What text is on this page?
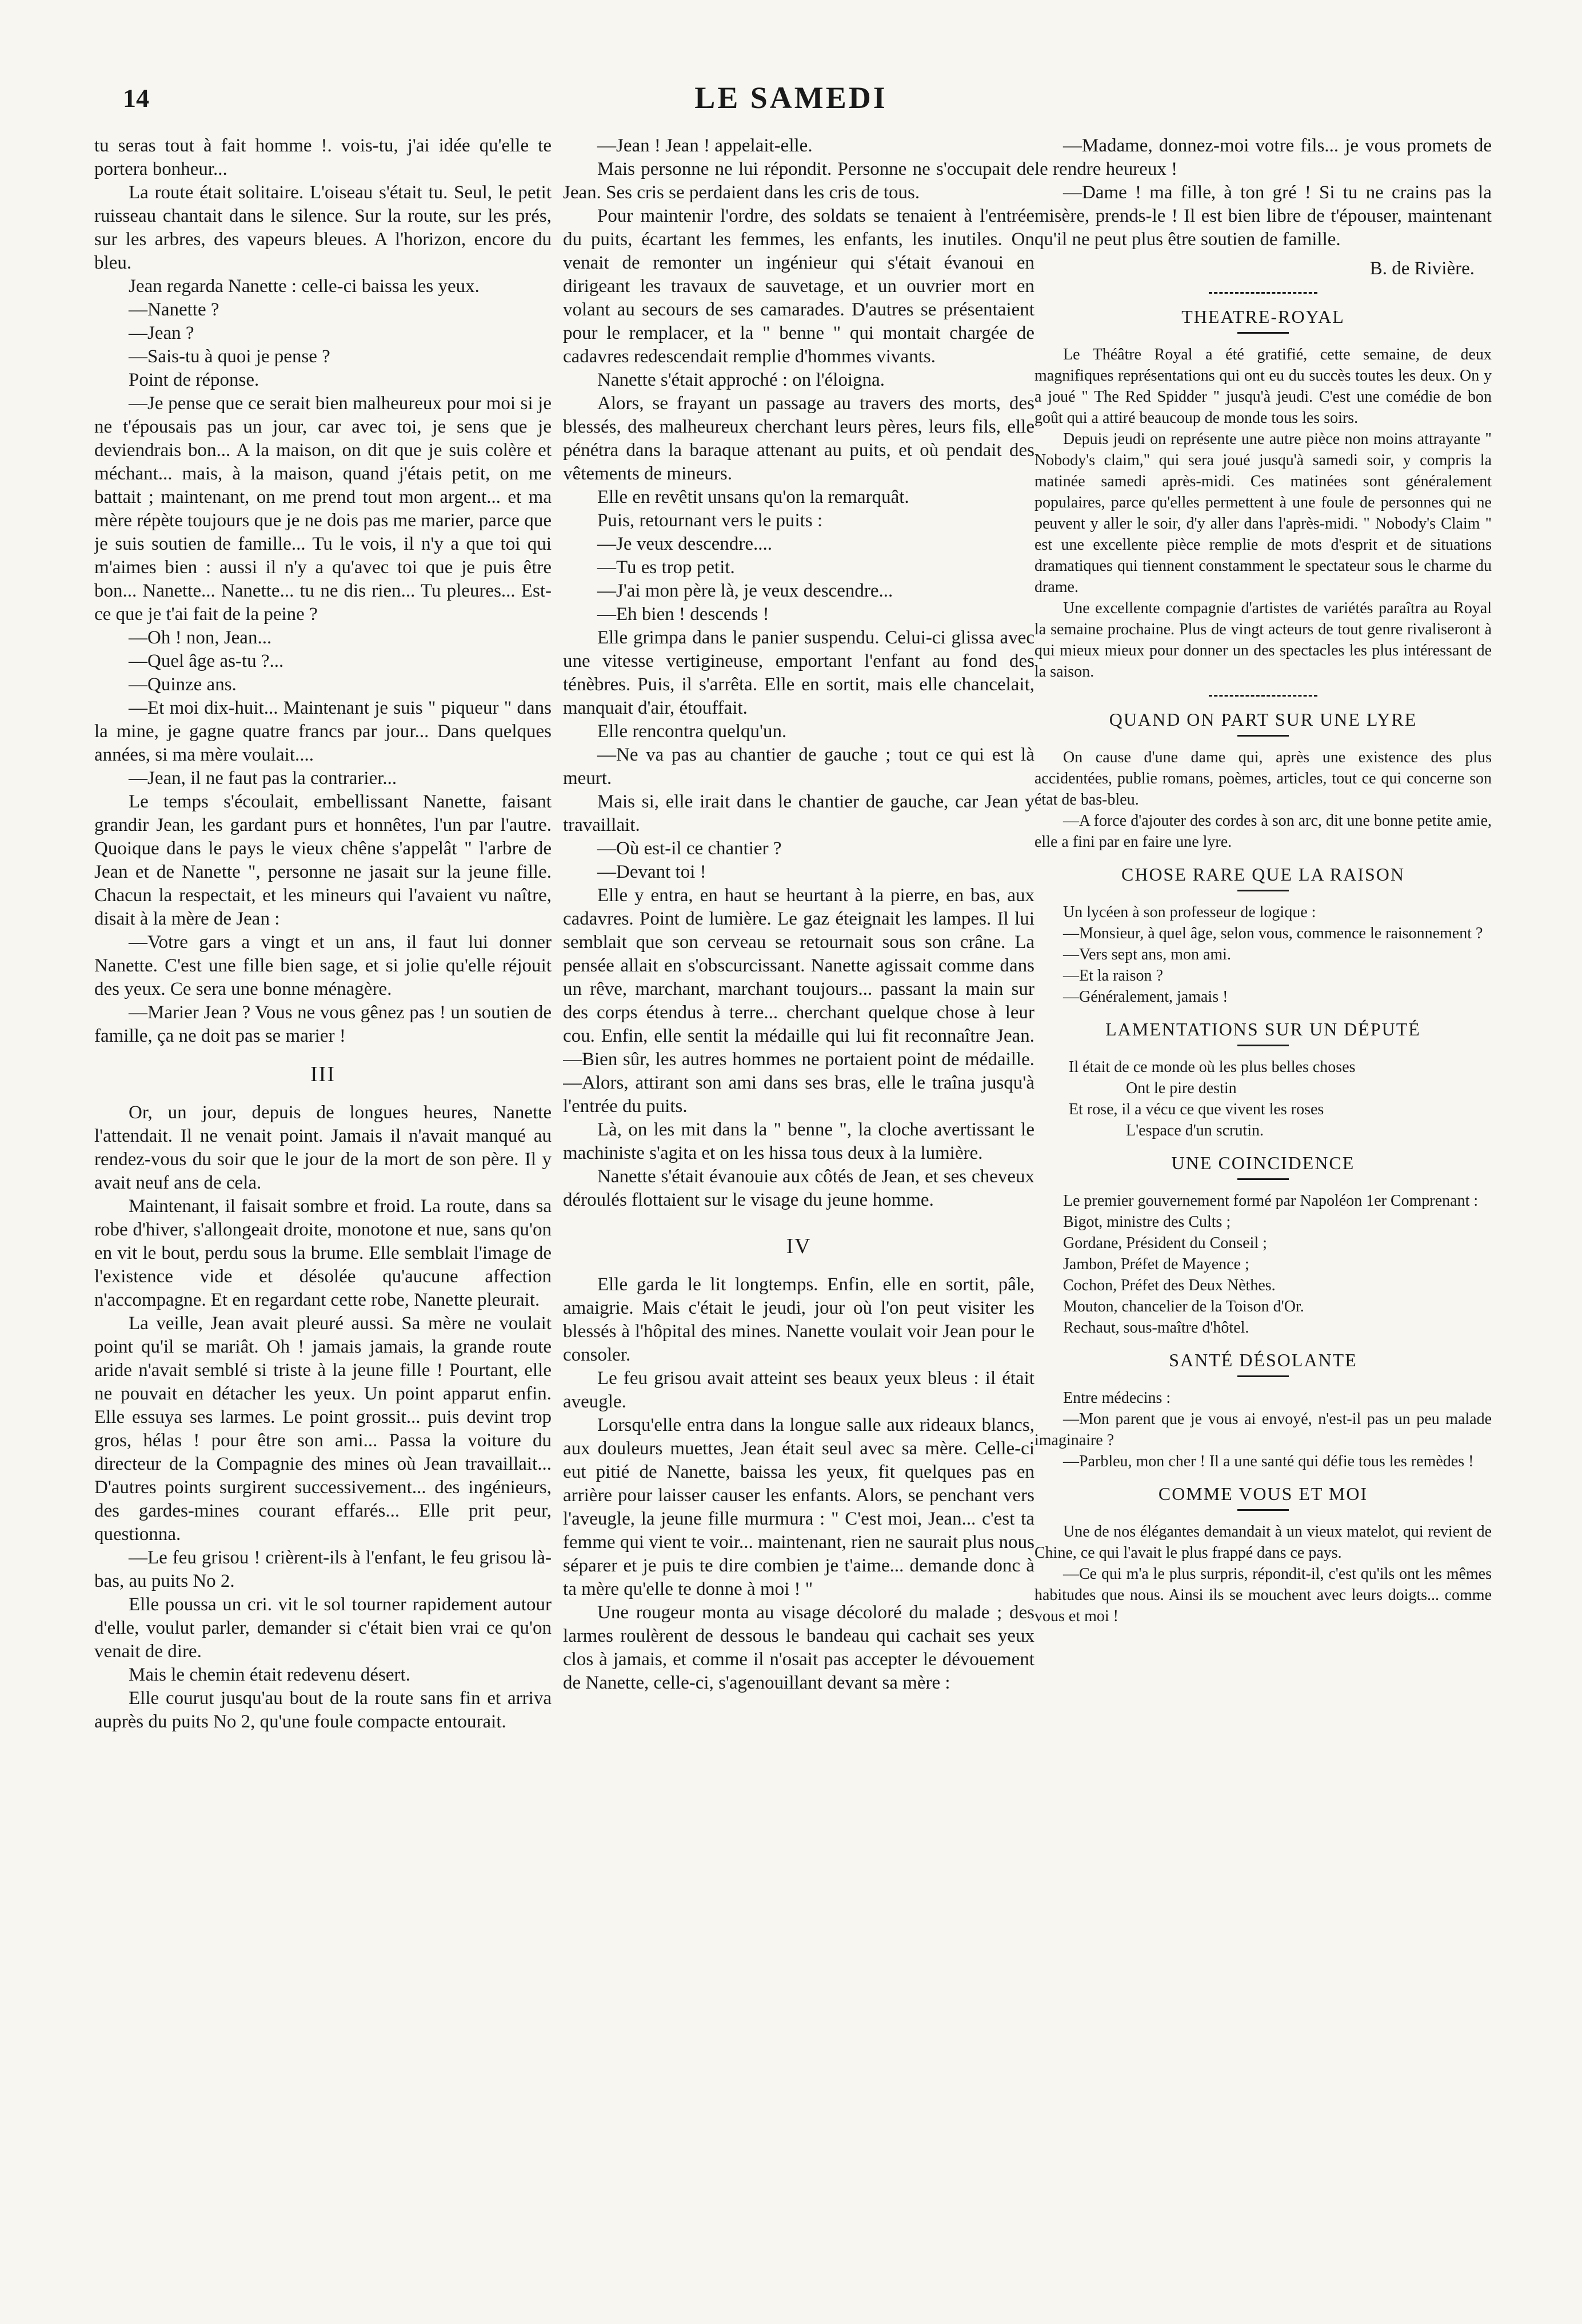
14	LE SAMEDI

tu seras tout à fait homme !. vois-tu, j'ai idée qu'elle te portera bonheur...

La route était solitaire. L'oiseau s'était tu. Seul, le petit ruisseau chantait dans le silence. Sur la route, sur les prés, sur les arbres, des vapeurs bleues. A l'horizon, encore du bleu.

Jean regarda Nanette : celle-ci baissa les yeux.

—Nanette ?

—Jean ?

—Sais-tu à quoi je pense ?

Point de réponse.

—Je pense que ce serait bien malheureux pour moi si je ne t'épousais pas un jour, car avec toi, je sens que je deviendrais bon... A la maison, on dit que je suis colère et méchant... mais, à la maison, quand j'étais petit, on me battait ; maintenant, on me prend tout mon argent... et ma mère répète toujours que je ne dois pas me marier, parce que je suis soutien de famille... Tu le vois, il n'y a que toi qui m'aimes bien : aussi il n'y a qu'avec toi que je puis être bon... Nanette... Nanette... tu ne dis rien... Tu pleures... Est-ce que je t'ai fait de la peine ?

—Oh ! non, Jean...

—Quel âge as-tu ?...

—Quinze ans.

—Et moi dix-huit... Maintenant je suis " piqueur " dans la mine, je gagne quatre francs par jour... Dans quelques années, si ma mère voulait....

—Jean, il ne faut pas la contrarier...

Le temps s'écoulait, embellissant Nanette, faisant grandir Jean, les gardant purs et honnêtes, l'un par l'autre. Quoique dans le pays le vieux chêne s'appelât " l'arbre de Jean et de Nanette ", personne ne jasait sur la jeune fille. Chacun la respectait, et les mineurs qui l'avaient vu naître, disait à la mère de Jean :

—Votre gars a vingt et un ans, il faut lui donner Nanette. C'est une fille bien sage, et si jolie qu'elle réjouit des yeux. Ce sera une bonne ménagère.

—Marier Jean ? Vous ne vous gênez pas ! un soutien de famille, ça ne doit pas se marier !

III

Or, un jour, depuis de longues heures, Nanette l'attendait. Il ne venait point. Jamais il n'avait manqué au rendez-vous du soir que le jour de la mort de son père. Il y avait neuf ans de cela.

Maintenant, il faisait sombre et froid. La route, dans sa robe d'hiver, s'allongeait droite, monotone et nue, sans qu'on en vit le bout, perdu sous la brume. Elle semblait l'image de l'existence vide et désolée qu'aucune affection n'accompagne. Et en regardant cette robe, Nanette pleurait.

La veille, Jean avait pleuré aussi. Sa mère ne voulait point qu'il se mariât. Oh ! jamais jamais, la grande route aride n'avait semblé si triste à la jeune fille ! Pourtant, elle ne pouvait en détacher les yeux. Un point apparut enfin. Elle essuya ses larmes. Le point grossit... puis devint trop gros, hélas ! pour être son ami... Passa la voiture du directeur de la Compagnie des mines où Jean travaillait... D'autres points surgirent successivement... des ingénieurs, des gardes-mines courant effarés... Elle prit peur, questionna.

—Le feu grisou ! crièrent-ils à l'enfant, le feu grisou là-bas, au puits No 2.

Elle poussa un cri. vit le sol tourner rapidement autour d'elle, voulut parler, demander si c'était bien vrai ce qu'on venait de dire.

Mais le chemin était redevenu désert.

Elle courut jusqu'au bout de la route sans fin et arriva auprès du puits No 2, qu'une foule compacte entourait.

—Jean ! Jean ! appelait-elle.

Mais personne ne lui répondit. Personne ne s'occupait de Jean. Ses cris se perdaient dans les cris de tous.

Pour maintenir l'ordre, des soldats se tenaient à l'entrée du puits, écartant les femmes, les enfants, les inutiles. On venait de remonter un ingénieur qui s'était évanoui en dirigeant les travaux de sauvetage, et un ouvrier mort en volant au secours de ses camarades. D'autres se présentaient pour le remplacer, et la " benne " qui montait chargée de cadavres redescendait remplie d'hommes vivants.

Nanette s'était approché : on l'éloigna.

Alors, se frayant un passage au travers des morts, des blessés, des malheureux cherchant leurs pères, leurs fils, elle pénétra dans la baraque attenant au puits, et où pendait des vêtements de mineurs.

Elle en revêtit unsans qu'on la remarquât.

Puis, retournant vers le puits :

—Je veux descendre....

—Tu es trop petit.

—J'ai mon père là, je veux descendre...

—Eh bien ! descends !

Elle grimpa dans le panier suspendu. Celui-ci glissa avec une vitesse vertigineuse, emportant l'enfant au fond des ténèbres. Puis, il s'arrêta. Elle en sortit, mais elle chancelait, manquait d'air, étouffait.

Elle rencontra quelqu'un.

—Ne va pas au chantier de gauche ; tout ce qui est là meurt.

Mais si, elle irait dans le chantier de gauche, car Jean y travaillait.

—Où est-il ce chantier ?

—Devant toi !

Elle y entra, en haut se heurtant à la pierre, en bas, aux cadavres. Point de lumière. Le gaz éteignait les lampes. Il lui semblait que son cerveau se retournait sous son crâne. La pensée allait en s'obscurcissant. Nanette agissait comme dans un rêve, marchant, marchant toujours... passant la main sur des corps étendus à terre... cherchant quelque chose à leur cou. Enfin, elle sentit la médaille qui lui fit reconnaître Jean.—Bien sûr, les autres hommes ne portaient point de médaille.—Alors, attirant son ami dans ses bras, elle le traîna jusqu'à l'entrée du puits.

Là, on les mit dans la " benne ", la cloche avertissant le machiniste s'agita et on les hissa tous deux à la lumière.

Nanette s'était évanouie aux côtés de Jean, et ses cheveux déroulés flottaient sur le visage du jeune homme.

IV

Elle garda le lit longtemps. Enfin, elle en sortit, pâle, amaigrie. Mais c'était le jeudi, jour où l'on peut visiter les blessés à l'hôpital des mines. Nanette voulait voir Jean pour le consoler.

Le feu grisou avait atteint ses beaux yeux bleus : il était aveugle.

Lorsqu'elle entra dans la longue salle aux rideaux blancs, aux douleurs muettes, Jean était seul avec sa mère. Celle-ci eut pitié de Nanette, baissa les yeux, fit quelques pas en arrière pour laisser causer les enfants. Alors, se penchant vers l'aveugle, la jeune fille murmura : " C'est moi, Jean... c'est ta femme qui vient te voir... maintenant, rien ne saurait plus nous séparer et je puis te dire combien je t'aime... demande donc à ta mère qu'elle te donne à moi ! "

Une rougeur monta au visage décoloré du malade ; des larmes roulèrent de dessous le bandeau qui cachait ses yeux clos à jamais, et comme il n'osait pas accepter le dévouement de Nanette, celle-ci, s'agenouillant devant sa mère :

—Madame, donnez-moi votre fils... je vous promets de le rendre heureux !

—Dame ! ma fille, à ton gré ! Si tu ne crains pas la misère, prends-le ! Il est bien libre de t'épouser, maintenant qu'il ne peut plus être soutien de famille.

B. de Rivière.
THEATRE-ROYAL

Le Théâtre Royal a été gratifié, cette semaine, de deux magnifiques représentations qui ont eu du succès toutes les deux. On y a joué " The Red Spidder " jusqu'à jeudi. C'est une comédie de bon goût qui a attiré beaucoup de monde tous les soirs.

Depuis jeudi on représente une autre pièce non moins attrayante " Nobody's claim," qui sera joué jusqu'à samedi soir, y compris la matinée samedi après-midi. Ces matinées sont généralement populaires, parce qu'elles permettent à une foule de personnes qui ne peuvent y aller le soir, d'y aller dans l'après-midi. " Nobody's Claim " est une excellente pièce remplie de mots d'esprit et de situations dramatiques qui tiennent constamment le spectateur sous le charme du drame.

Une excellente compagnie d'artistes de variétés paraîtra au Royal la semaine prochaine. Plus de vingt acteurs de tout genre rivaliseront à qui mieux mieux pour donner un des spectacles les plus intéressant de la saison.

QUAND ON PART SUR UNE LYRE

On cause d'une dame qui, après une existence des plus accidentées, publie romans, poèmes, articles, tout ce qui concerne son état de bas-bleu.

—A force d'ajouter des cordes à son arc, dit une bonne petite amie, elle a fini par en faire une lyre.

CHOSE RARE QUE LA RAISON

Un lycéen à son professeur de logique :

—Monsieur, à quel âge, selon vous, commence le raisonnement ?

—Vers sept ans, mon ami.

—Et la raison ?

—Généralement, jamais !

LAMENTATIONS SUR UN DÉPUTÉ

Il était de ce monde où les plus belles choses

Ont le pire destin

Et rose, il a vécu ce que vivent les roses

L'espace d'un scrutin.

UNE COINCIDENCE

Le premier gouvernement formé par Napoléon 1er Comprenant :

Bigot, ministre des Cults ;

Gordane, Président du Conseil ;

Jambon, Préfet de Mayence ;

Cochon, Préfet des Deux Nèthes.

Mouton, chancelier de la Toison d'Or.

Rechaut, sous-maître d'hôtel.

SANTÉ DÉSOLANTE

Entre médecins :

—Mon parent que je vous ai envoyé, n'est-il pas un peu malade imaginaire ?

—Parbleu, mon cher ! Il a une santé qui défie tous les remèdes !

COMME VOUS ET MOI

Une de nos élégantes demandait à un vieux matelot, qui revient de Chine, ce qui l'avait le plus frappé dans ce pays.

—Ce qui m'a le plus surpris, répondit-il, c'est qu'ils ont les mêmes habitudes que nous. Ainsi ils se mouchent avec leurs doigts... comme vous et moi !
